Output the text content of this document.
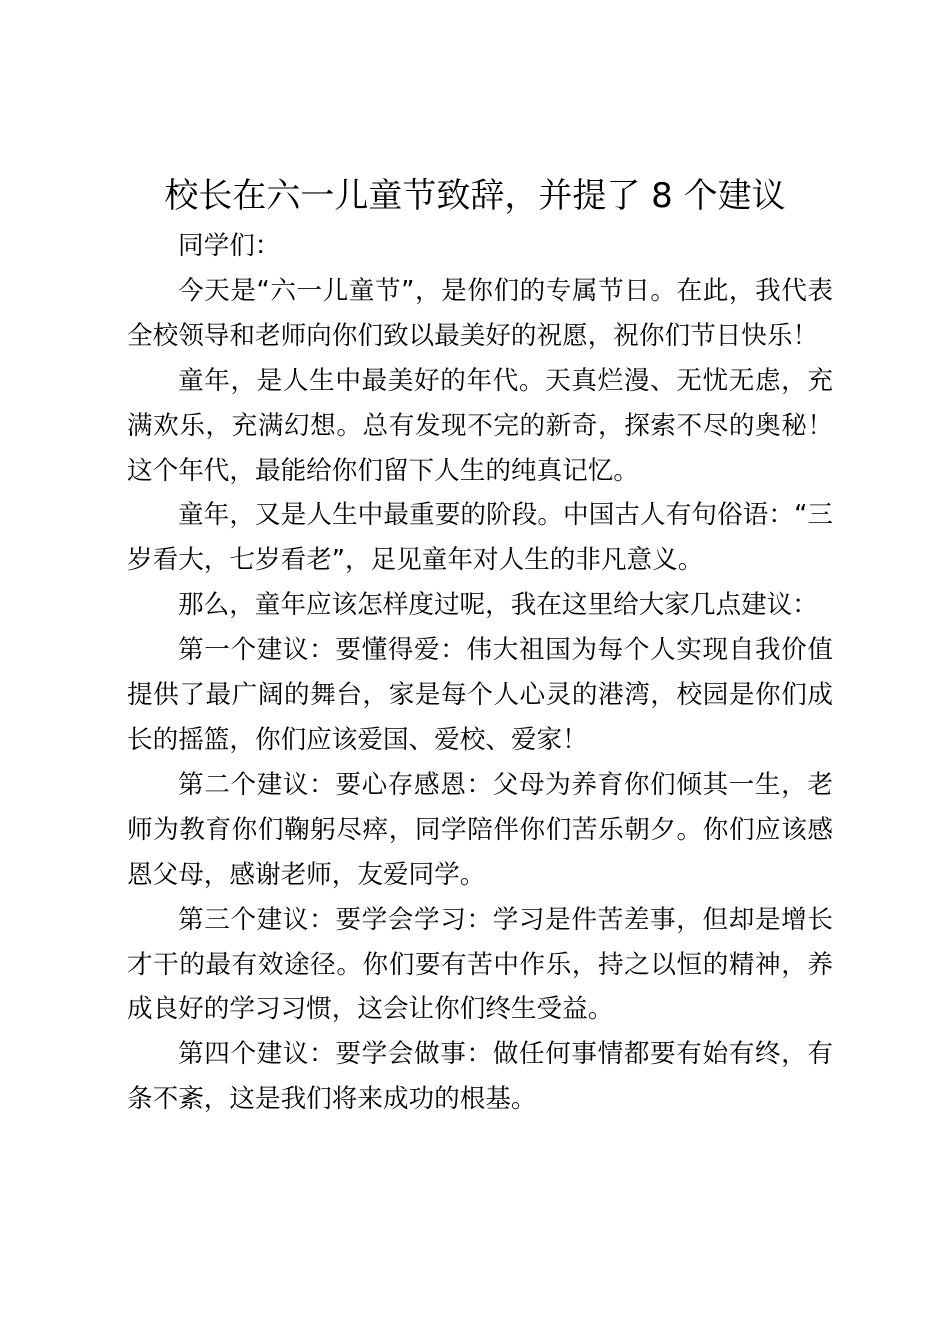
校长在六一儿童节致辞，并提了 8 个建议

同学们：

今天是“六一儿童节”，是你们的专属节日。在此，我代表全校领导和老师向你们致以最美好的祝愿，祝你们节日快乐！

童年，是人生中最美好的年代。天真烂漫、无忧无虑，充满欢乐，充满幻想。总有发现不完的新奇，探索不尽的奥秘！这个年代，最能给你们留下人生的纯真记忆。

童年，又是人生中最重要的阶段。中国古人有句俗语：“三岁看大，七岁看老”，足见童年对人生的非凡意义。

那么，童年应该怎样度过呢，我在这里给大家几点建议：

第一个建议：要懂得爱：伟大祖国为每个人实现自我价值提供了最广阔的舞台，家是每个人心灵的港湾，校园是你们成长的摇篮，你们应该爱国、爱校、爱家！

第二个建议：要心存感恩：父母为养育你们倾其一生，老师为教育你们鞠躬尽瘁，同学陪伴你们苦乐朝夕。你们应该感恩父母，感谢老师，友爱同学。

第三个建议：要学会学习：学习是件苦差事，但却是增长才干的最有效途径。你们要有苦中作乐，持之以恒的精神，养成良好的学习习惯，这会让你们终生受益。

第四个建议：要学会做事：做任何事情都要有始有终，有条不紊，这是我们将来成功的根基。
